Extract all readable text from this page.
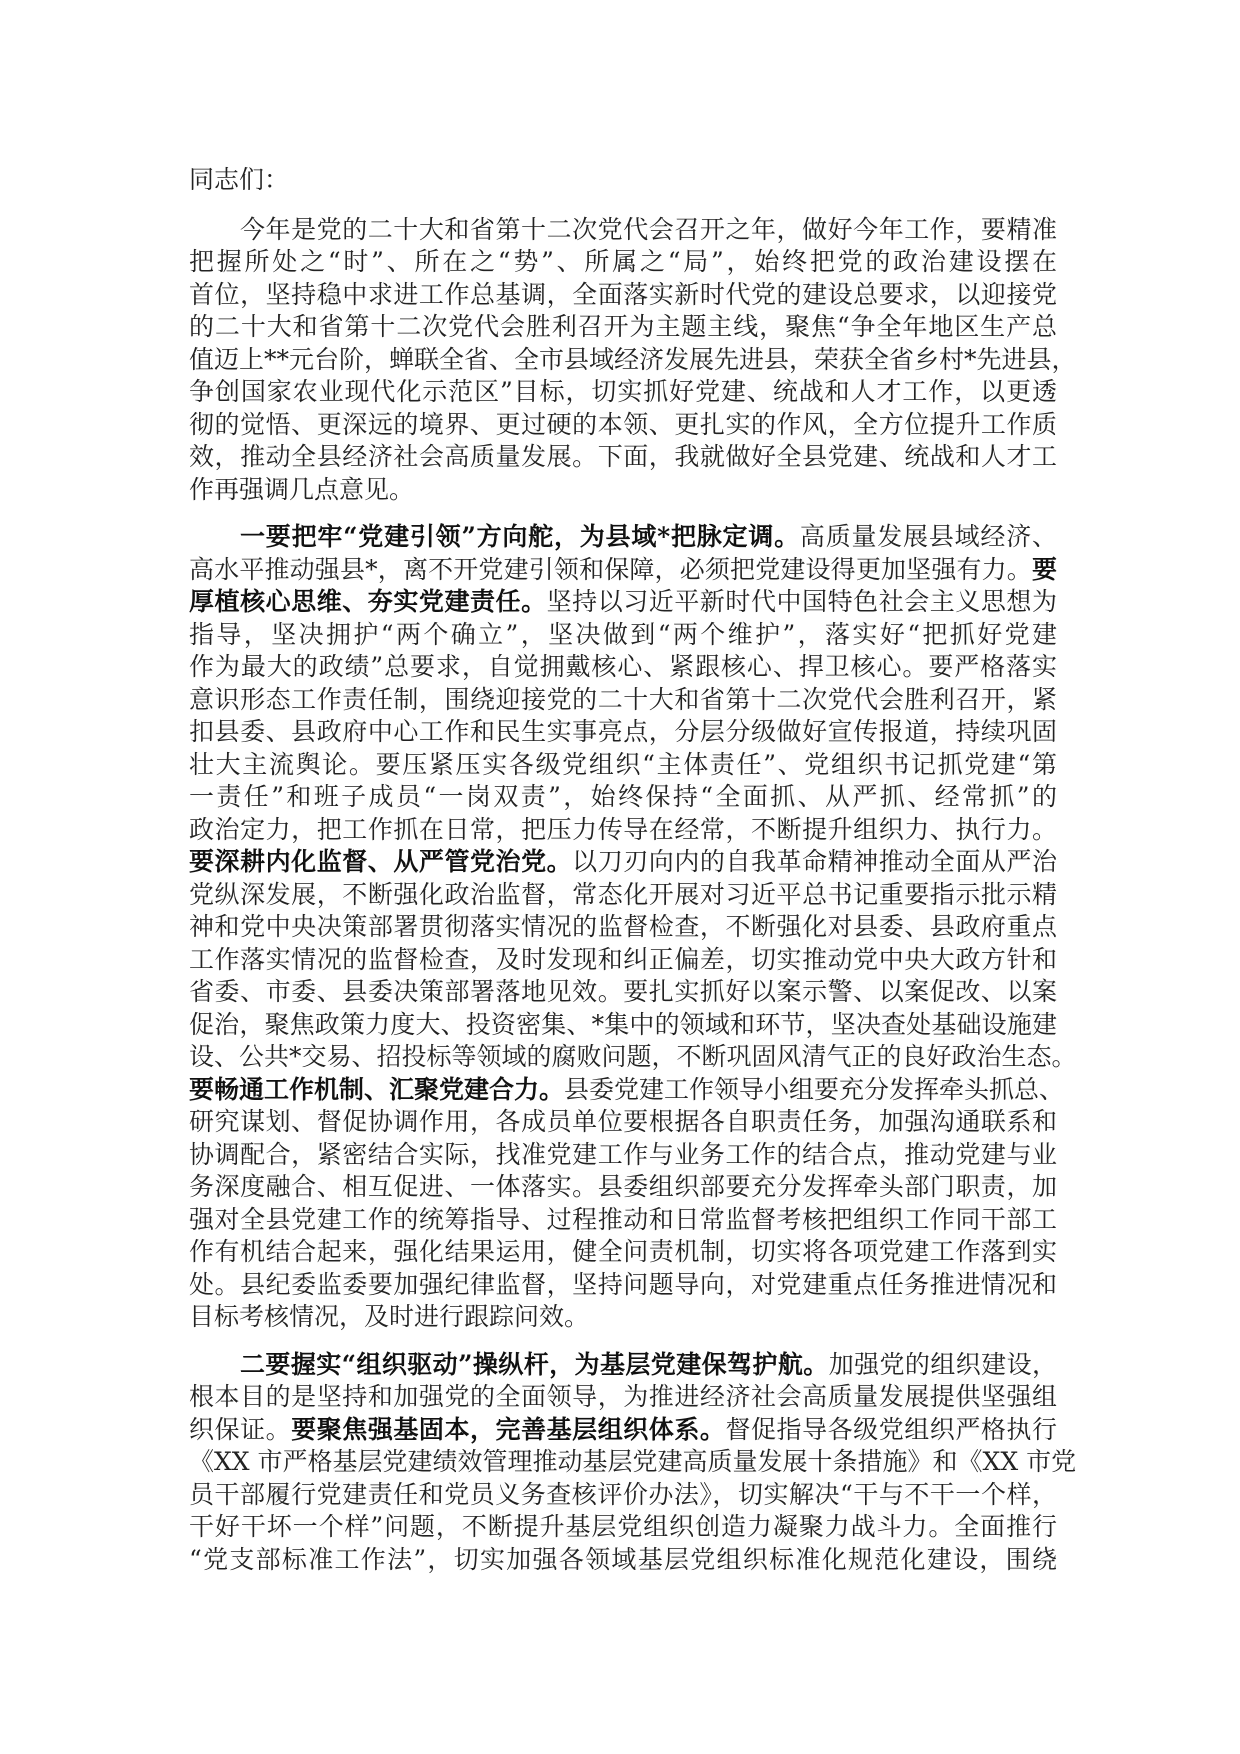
同志们：
今年是党的二十大和省第十二次党代会召开之年，做好今年工作，要精准
把握所处之“时”、所在之“势”、所属之“局”，始终把党的政治建设摆在
首位，坚持稳中求进工作总基调，全面落实新时代党的建设总要求，以迎接党
的二十大和省第十二次党代会胜利召开为主题主线，聚焦“争全年地区生产总
值迈上**元台阶，蝉联全省、全市县域经济发展先进县，荣获全省乡村*先进县，
争创国家农业现代化示范区”目标，切实抓好党建、统战和人才工作，以更透
彻的觉悟、更深远的境界、更过硬的本领、更扎实的作风，全方位提升工作质
效，推动全县经济社会高质量发展。下面，我就做好全县党建、统战和人才工
作再强调几点意见。
一要把牢“党建引领”方向舵，为县域*把脉定调。高质量发展县域经济、
高水平推动强县*，离不开党建引领和保障，必须把党建设得更加坚强有力。要
厚植核心思维、夯实党建责任。坚持以习近平新时代中国特色社会主义思想为
指导，坚决拥护“两个确立”，坚决做到“两个维护”，落实好“把抓好党建
作为最大的政绩”总要求，自觉拥戴核心、紧跟核心、捍卫核心。要严格落实
意识形态工作责任制，围绕迎接党的二十大和省第十二次党代会胜利召开，紧
扣县委、县政府中心工作和民生实事亮点，分层分级做好宣传报道，持续巩固
壮大主流舆论。要压紧压实各级党组织“主体责任”、党组织书记抓党建“第
一责任”和班子成员“一岗双责”，始终保持“全面抓、从严抓、经常抓”的
政治定力，把工作抓在日常，把压力传导在经常，不断提升组织力、执行力。
要深耕内化监督、从严管党治党。以刀刃向内的自我革命精神推动全面从严治
党纵深发展，不断强化政治监督，常态化开展对习近平总书记重要指示批示精
神和党中央决策部署贯彻落实情况的监督检查，不断强化对县委、县政府重点
工作落实情况的监督检查，及时发现和纠正偏差，切实推动党中央大政方针和
省委、市委、县委决策部署落地见效。要扎实抓好以案示警、以案促改、以案
促治，聚焦政策力度大、投资密集、*集中的领域和环节，坚决查处基础设施建
设、公共*交易、招投标等领域的腐败问题，不断巩固风清气正的良好政治生态。
要畅通工作机制、汇聚党建合力。县委党建工作领导小组要充分发挥牵头抓总、
研究谋划、督促协调作用，各成员单位要根据各自职责任务，加强沟通联系和
协调配合，紧密结合实际，找准党建工作与业务工作的结合点，推动党建与业
务深度融合、相互促进、一体落实。县委组织部要充分发挥牵头部门职责，加
强对全县党建工作的统筹指导、过程推动和日常监督考核把组织工作同干部工
作有机结合起来，强化结果运用，健全问责机制，切实将各项党建工作落到实
处。县纪委监委要加强纪律监督，坚持问题导向，对党建重点任务推进情况和
目标考核情况，及时进行跟踪问效。
二要握实“组织驱动”操纵杆，为基层党建保驾护航。加强党的组织建设，
根本目的是坚持和加强党的全面领导，为推进经济社会高质量发展提供坚强组
织保证。要聚焦强基固本，完善基层组织体系。督促指导各级党组织严格执行
《XX 市严格基层党建绩效管理推动基层党建高质量发展十条措施》和《XX 市党
员干部履行党建责任和党员义务查核评价办法》，切实解决“干与不干一个样，
干好干坏一个样”问题，不断提升基层党组织创造力凝聚力战斗力。全面推行
“党支部标准工作法”，切实加强各领域基层党组织标准化规范化建设，围绕
